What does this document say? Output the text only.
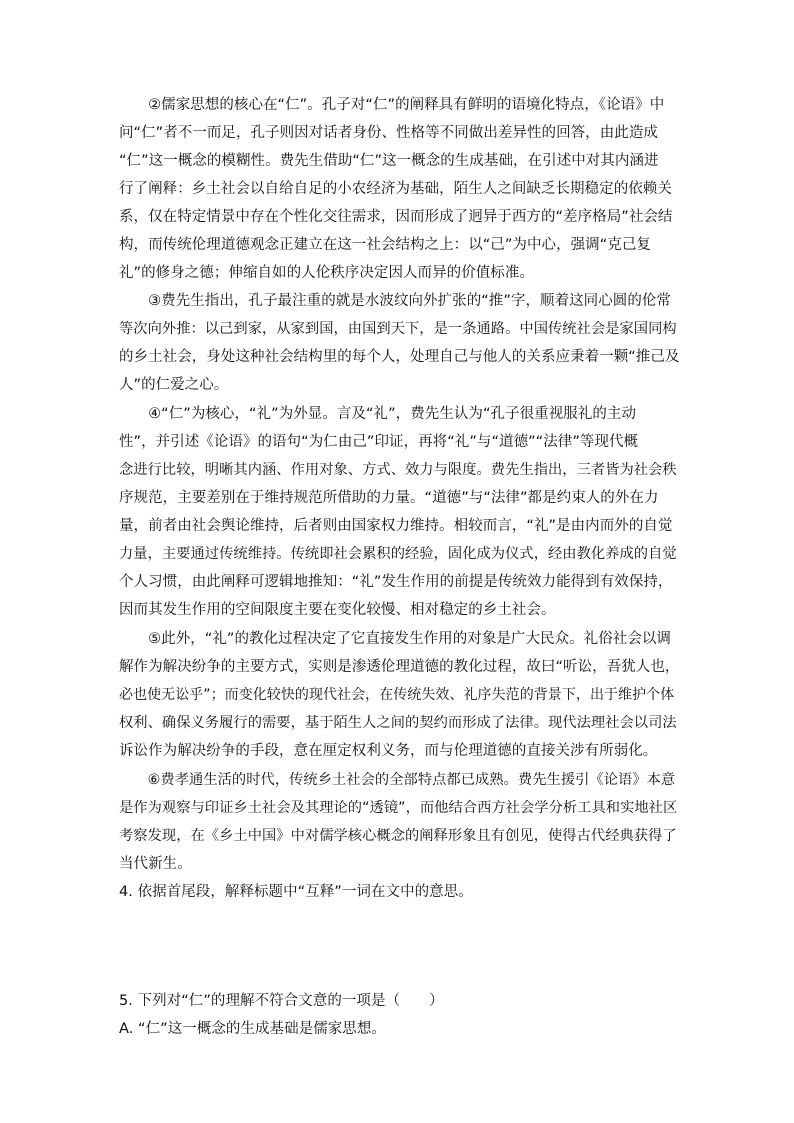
　　②儒家思想的核心在“仁”。孔子对“仁”的阐释具有鲜明的语境化特点，《论语》中
问“仁”者不一而足，孔子则因对话者身份、性格等不同做出差异性的回答，由此造成
“仁”这一概念的模糊性。费先生借助“仁”这一概念的生成基础，在引述中对其内涵进
行了阐释：乡土社会以自给自足的小农经济为基础，陌生人之间缺乏长期稳定的依赖关
系，仅在特定情景中存在个性化交往需求，因而形成了迥异于西方的“差序格局”社会结
构，而传统伦理道德观念正建立在这一社会结构之上：以“己”为中心，强调“克己复
礼”的修身之德；伸缩自如的人伦秩序决定因人而异的价值标准。
　　③费先生指出，孔子最注重的就是水波纹向外扩张的“推”字，顺着这同心圆的伦常
等次向外推：以己到家，从家到国，由国到天下，是一条通路。中国传统社会是家国同构
的乡土社会，身处这种社会结构里的每个人，处理自己与他人的关系应秉着一颗“推己及
人”的仁爱之心。
　　④“仁”为核心，“礼”为外显。言及“礼”，费先生认为“孔子很重视服礼的主动
性”，并引述《论语》的语句“为仁由己”印证，再将“礼”与“道德”“法律”等现代概
念进行比较，明晰其内涵、作用对象、方式、效力与限度。费先生指出，三者皆为社会秩
序规范，主要差别在于维持规范所借助的力量。“道德”与“法律”都是约束人的外在力
量，前者由社会舆论维持，后者则由国家权力维持。相较而言，“礼”是由内而外的自觉
力量，主要通过传统维持。传统即社会累积的经验，固化成为仪式，经由教化养成的自觉
个人习惯，由此阐释可逻辑地推知：“礼”发生作用的前提是传统效力能得到有效保持，
因而其发生作用的空间限度主要在变化较慢、相对稳定的乡土社会。
　　⑤此外，“礼”的教化过程决定了它直接发生作用的对象是广大民众。礼俗社会以调
解作为解决纷争的主要方式，实则是渗透伦理道德的教化过程，故曰“听讼，吾犹人也，
必也使无讼乎”；而变化较快的现代社会，在传统失效、礼序失范的背景下，出于维护个体
权利、确保义务履行的需要，基于陌生人之间的契约而形成了法律。现代法理社会以司法
诉讼作为解决纷争的手段，意在厘定权利义务，而与伦理道德的直接关涉有所弱化。
　　⑥费孝通生活的时代，传统乡土社会的全部特点都已成熟。费先生援引《论语》本意
是作为观察与印证乡土社会及其理论的“透镜”，而他结合西方社会学分析工具和实地社区
考察发现，在《乡土中国》中对儒学核心概念的阐释形象且有创见，使得古代经典获得了
当代新生。
4. 依据首尾段，解释标题中“互释”一词在文中的意思。
5. 下列对“仁”的理解不符合文意的一项是（　　）
A. “仁”这一概念的生成基础是儒家思想。
